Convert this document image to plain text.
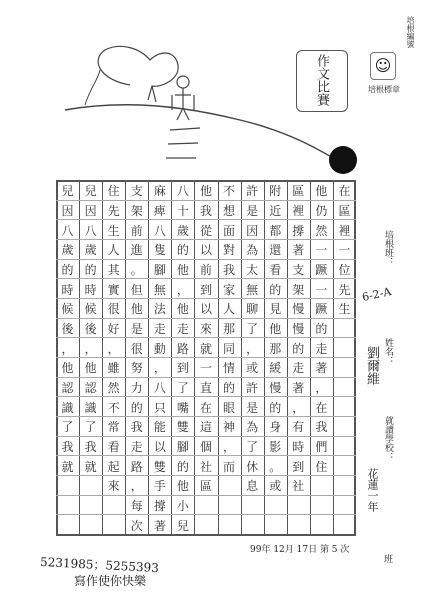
作文比賽	☺
培根標章
培根編號
在
區
裡
一
位
先
生
他
仍
然
一
蹶
一
蹶
的
走
著
，
在
我
們
住
區
裡
撐
著
支
架
慢
慢
的
走
著
，
有
時
到
社
附
近
都
還
看
的
見
他
那
緩
慢
的
身
影
。
或
許
是
因
為
太
無
聊
了
，
或
許
是
為
了
休
息
不
想
面
對
我
家
人
那
同
情
的
眼
神
，
而
他
我
從
以
前
到
以
來
就
一
直
在
這
個
社
區
八
十
歲
的
他
，
他
走
路
到
了
嘴
雙
腳
的
他
小
兒
麻
痺
八
隻
腳
無
法
走
動
，
八
只
能
以
雙
手
撐
著
支
架
前
進
。
但
他
是
很
努
力
的
我
走
路
，
每
次
住
先
生
人
其
實
很
好
，
雖
然
不
常
看
起
來
兒
因
八
歲
的
時
候
後
，
他
認
識
了
我
就
兒
因
八
歲
的
時
候
後
，
他
認
識
了
我
就
培根班：
6-2-A
姓名：
劉爾維
就讀學校：
花蓮一年
班
99年 12月 17日 第 5 次
5231985；5255393
寫作使你快樂
